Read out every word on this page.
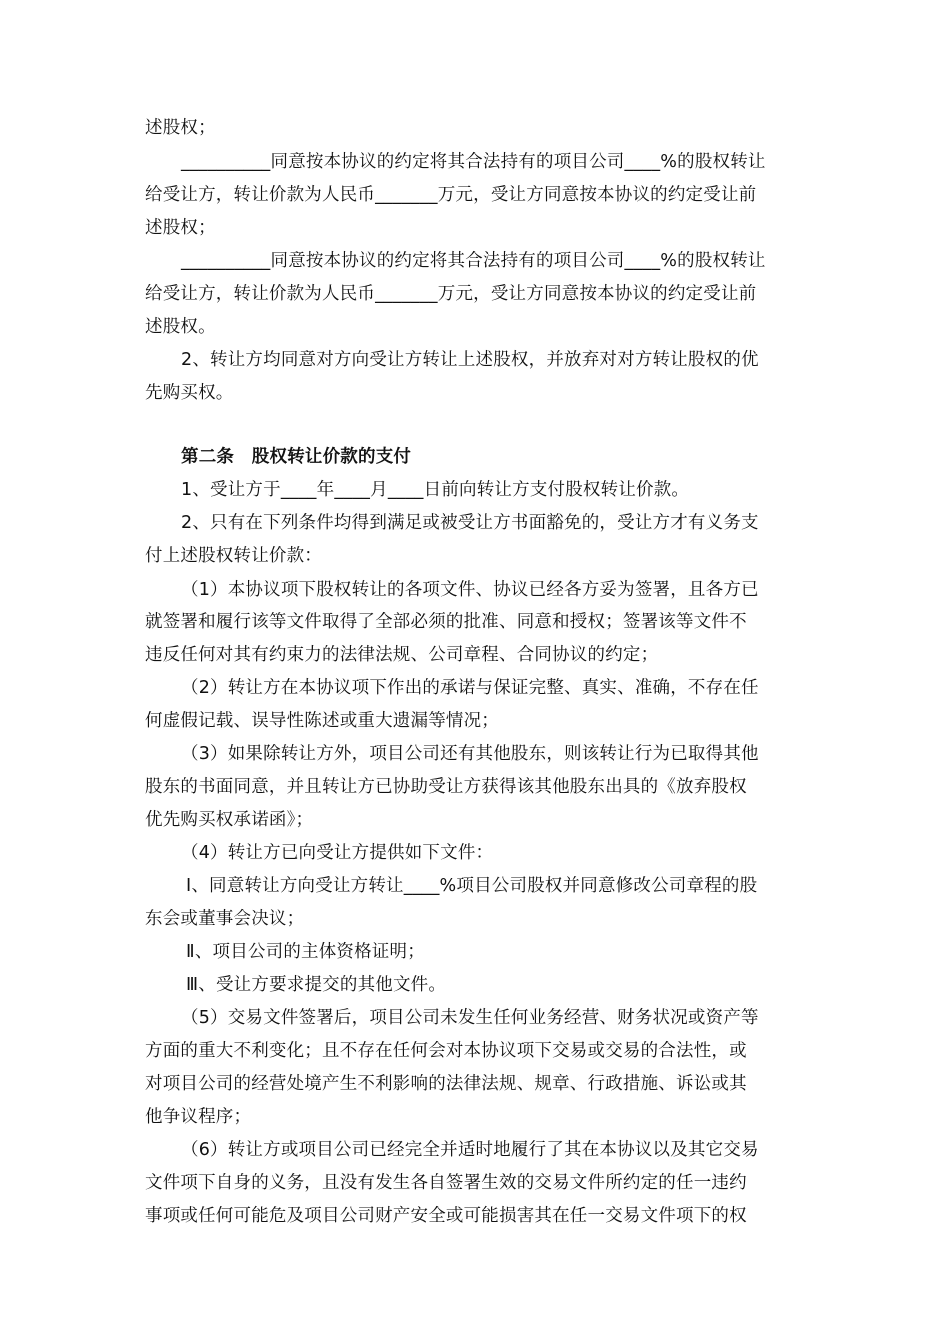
述股权；
__________同意按本协议的约定将其合法持有的项目公司____%的股权转让
给受让方，转让价款为人民币_______万元，受让方同意按本协议的约定受让前
述股权；
__________同意按本协议的约定将其合法持有的项目公司____%的股权转让
给受让方，转让价款为人民币_______万元，受让方同意按本协议的约定受让前
述股权。
2、转让方均同意对方向受让方转让上述股权，并放弃对对方转让股权的优
先购买权。
第二条　股权转让价款的支付
1、受让方于____年____月____日前向转让方支付股权转让价款。
2、只有在下列条件均得到满足或被受让方书面豁免的，受让方才有义务支
付上述股权转让价款：
（1）本协议项下股权转让的各项文件、协议已经各方妥为签署，且各方已
就签署和履行该等文件取得了全部必须的批准、同意和授权；签署该等文件不
违反任何对其有约束力的法律法规、公司章程、合同协议的约定；
（2）转让方在本协议项下作出的承诺与保证完整、真实、准确，不存在任
何虚假记载、误导性陈述或重大遗漏等情况；
（3）如果除转让方外，项目公司还有其他股东，则该转让行为已取得其他
股东的书面同意，并且转让方已协助受让方获得该其他股东出具的《放弃股权
优先购买权承诺函》；
（4）转让方已向受让方提供如下文件：
Ⅰ、同意转让方向受让方转让____%项目公司股权并同意修改公司章程的股
东会或董事会决议；
Ⅱ、项目公司的主体资格证明；
Ⅲ、受让方要求提交的其他文件。
（5）交易文件签署后，项目公司未发生任何业务经营、财务状况或资产等
方面的重大不利变化；且不存在任何会对本协议项下交易或交易的合法性，或
对项目公司的经营处境产生不利影响的法律法规、规章、行政措施、诉讼或其
他争议程序；
（6）转让方或项目公司已经完全并适时地履行了其在本协议以及其它交易
文件项下自身的义务，且没有发生各自签署生效的交易文件所约定的任一违约
事项或任何可能危及项目公司财产安全或可能损害其在任一交易文件项下的权
